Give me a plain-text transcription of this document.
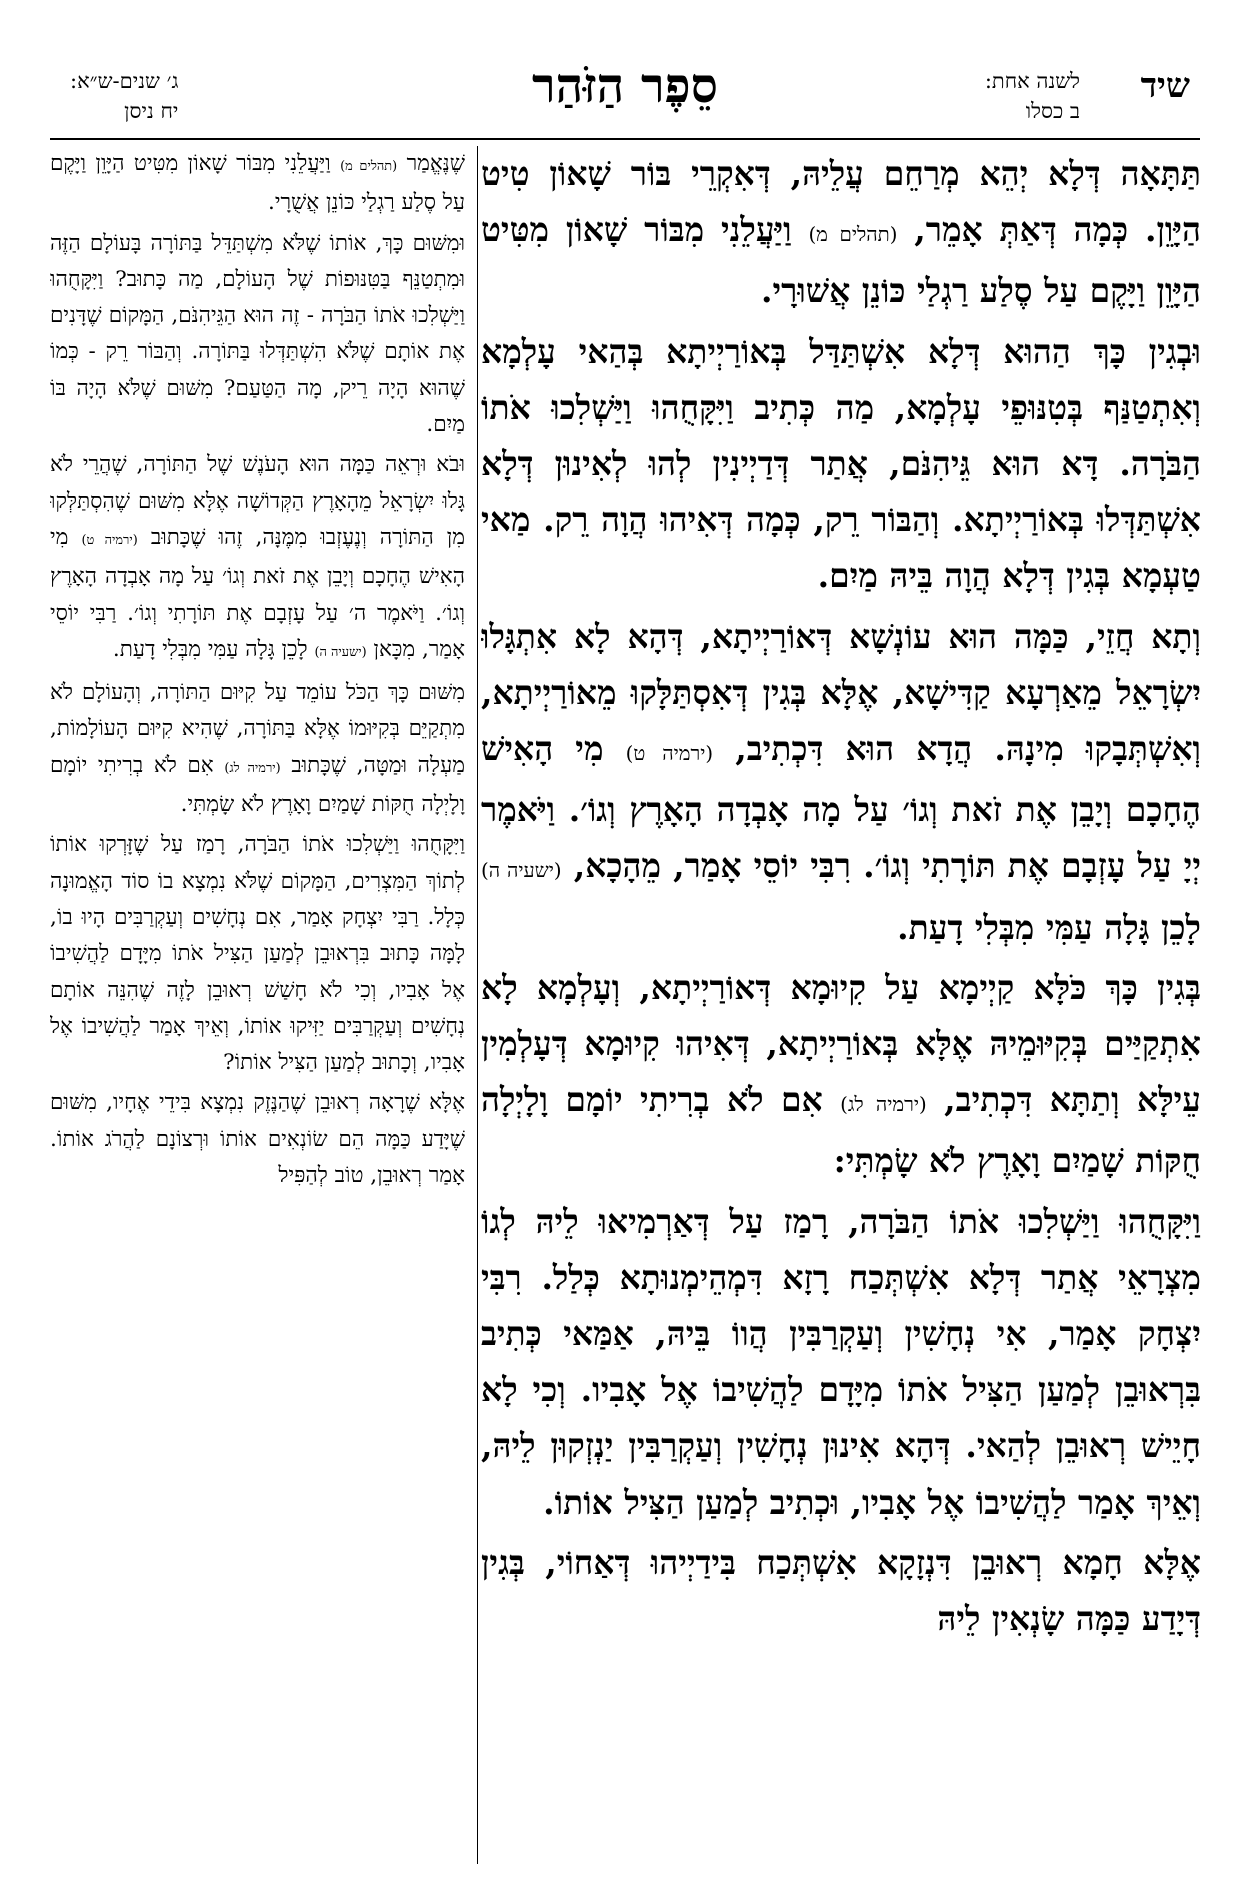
שיד
לשנה אחת:
ב כסלו
סֵפֶר הַזֹּהַר
ג׳ שנים-ש״א:
יח ניסן

תַּתָּאָה דְּלָא יְהֵא מְרַחֵם עֲלֵיהּ, דְּאִקְרֵי בּוֹר שָׁאוֹן טִיט הַיָּוֵן. כְּמָה דְּאַתְּ אָמֵר, (תהלים מ) וַיַּעֲלֵנִי מִבּוֹר שָׁאוֹן מִטִּיט הַיָּוֵן וַיָּקֶם עַל סֶלַע רַגְלַי כּוֹנֵן אֲשׁוּרָי.

וּבְגִין כָּךְ הַהוּא דְּלָא אִשְׁתַּדַּל בְּאוֹרַיְיתָא בְּהַאי עָלְמָא וְאִתְטַנַּף בְּטִנּוּפֵי עָלְמָא, מַה כְּתִיב וַיִּקָּחֻהוּ וַיַּשְׁלִכוּ אֹתוֹ הַבֹּרָה. דָּא הוּא גֵּיהִנֹּם, אֲתַר דְּדַיְינִין לְהוּ לְאִינוּן דְּלָא אִשְׁתַּדְּלוּ בְּאוֹרַיְיתָא. וְהַבּוֹר רֵק, כְּמָה דְּאִיהוּ הֲוָה רֵק. מַאי טַעְמָא בְּגִין דְּלָא הֲוָה בֵּיהּ מַיִם.

וְתָא חֲזֵי, כַּמָּה הוּא עוֹנְשָׁא דְּאוֹרַיְיתָא, דְּהָא לָא אִתְגָּלוּ יִשְׂרָאֵל מֵאַרְעָא קַדִּישָׁא, אֶלָּא בְּגִין דְּאִסְתַּלָּקוּ מֵאוֹרַיְיתָא, וְאִשְׁתְּבָקוּ מִינָהּ. הֲדָא הוּא דִּכְתִיב, (ירמיה ט) מִי הָאִישׁ הֶחָכָם וְיָבֵן אֶת זֹאת וְגוֹ׳ עַל מָה אָבְדָה הָאָרֶץ וְגוֹ׳. וַיֹּאמֶר יְיָ עַל עָזְבָם אֶת תּוֹרָתִי וְגוֹ׳. רִבִּי יוֹסֵי אָמַר, מֵהָכָא, (ישעיה ה) לָכֵן גָּלָה עַמִּי מִבְּלִי דָעַת.

בְּגִין כָּךְ כֹּלָּא קַיְימָא עַל קִיוּמָא דְּאוֹרַיְיתָא, וְעָלְמָא לָא אִתְקַיַּים בְּקִיּוּמֵיהּ אֶלָּא בְּאוֹרַיְיתָא, דְּאִיהוּ קִיוּמָא דְּעָלְמִין עֵילָּא וְתַתָּא דִּכְתִיב, (ירמיה לג) אִם לֹא בְרִיתִי יוֹמָם וָלָיְלָה חֻקּוֹת שָׁמַיִם וָאָרֶץ לֹא שָׂמְתִּי:

וַיִּקָּחֻהוּ וַיַּשְׁלִכוּ אֹתוֹ הַבֹּרָה, רָמַז עַל דְּאַרְמִיאוּ לֵיהּ לְגוֹ מִצְרָאֵי אֲתַר דְּלָא אִשְׁתְּכַח רָזָא דִּמְהֵימְנוּתָא כְּלַל. רִבִּי יִצְחָק אָמַר, אִי נְחָשִׁין וְעַקְרַבִּין הֲווֹ בֵּיהּ, אַמַּאי כְּתִיב בִּרְאוּבֵן לְמַעַן הַצִּיל אֹתוֹ מִיָּדָם לַהֲשִׁיבוֹ אֶל אָבִיו. וְכִי לָא חָיֵישׁ רְאוּבֵן לְהַאי. דְּהָא אִינוּן נְחָשִׁין וְעַקְרַבִּין יַנְזְקוּן לֵיהּ, וְאֵיךְ אָמַר לַהֲשִׁיבוֹ אֶל אָבִיו, וּכְתִיב לְמַעַן הַצִּיל אוֹתוֹ.

אֶלָּא חָמָא רְאוּבֵן דִּנְזָקָא אִשְׁתְּכַח בִּידַיְיהוּ דְּאַחוֹי, בְּגִין דְּיָדַע כַּמָּה שָׂנְאִין לֵיהּ

שֶׁנֶּאֱמַר (תהלים מ) וַיַּעֲלֵנִי מִבּוֹר שָׁאוֹן מִטִּיט הַיָּוֵן וַיָּקֶם עַל סֶלַע רַגְלַי כּוֹנֵן אֲשֻׁרָי.

וּמִשּׁוּם כָּךְ, אוֹתוֹ שֶׁלֹּא מִשְׁתַּדֵּל בַּתּוֹרָה בָּעוֹלָם הַזֶּה וּמִתְטַנֵּף בַּטִּנּוּפוֹת שֶׁל הָעוֹלָם, מַה כָּתוּב? וַיִּקָּחֻהוּ וַיַּשְׁלִכוּ אֹתוֹ הַבֹּרָה - זֶה הוּא הַגֵּיהִנֹּם, הַמָּקוֹם שֶׁדָּנִים אֶת אוֹתָם שֶׁלֹּא הִשְׁתַּדְּלוּ בַּתּוֹרָה. וְהַבּוֹר רֵק - כְּמוֹ שֶׁהוּא הָיָה רֵיק, מָה הַטַּעַם? מִשּׁוּם שֶׁלֹּא הָיָה בּוֹ מַיִם.

וּבֹא וּרְאֵה כַּמָּה הוּא הָעֹנֶשׁ שֶׁל הַתּוֹרָה, שֶׁהֲרֵי לֹא גָּלוּ יִשְׂרָאֵל מֵהָאָרֶץ הַקְּדוֹשָׁה אֶלָּא מִשּׁוּם שֶׁהִסְתַּלְּקוּ מִן הַתּוֹרָה וְנֶעֶזְבוּ מִמֶּנָּה, זֶהוּ שֶׁכָּתוּב (ירמיה ט) מִי הָאִישׁ הֶחָכָם וְיָבֵן אֶת זֹאת וְגוֹ׳ עַל מָה אָבְדָה הָאָרֶץ וְגוֹ׳. וַיֹּאמֶר ה׳ עַל עָזְבָם אֶת תּוֹרָתִי וְגוֹ׳. רַבִּי יוֹסֵי אָמַר, מִכָּאן (ישעיה ה) לָכֵן גָּלָה עַמִּי מִבְּלִי דָעַת.

מִשּׁוּם כָּךְ הַכֹּל עוֹמֵד עַל קִיּוּם הַתּוֹרָה, וְהָעוֹלָם לֹא מִתְקַיֵּם בְּקִיּוּמוֹ אֶלָּא בַּתּוֹרָה, שֶׁהִיא קִיּוּם הָעוֹלָמוֹת, מַעְלָה וּמַטָּה, שֶׁכָּתוּב (ירמיה לג) אִם לֹא בְרִיתִי יוֹמָם וָלָיְלָה חֻקּוֹת שָׁמַיִם וָאָרֶץ לֹא שָׂמְתִּי.

וַיִּקָּחֻהוּ וַיַּשְׁלִכוּ אֹתוֹ הַבֹּרָה, רָמַז עַל שֶׁזָּרְקוּ אוֹתוֹ לְתוֹךְ הַמִּצְרִים, הַמָּקוֹם שֶׁלֹּא נִמְצָא בוֹ סוֹד הָאֱמוּנָה כְּלָל. רַבִּי יִצְחָק אָמַר, אִם נְחָשִׁים וְעַקְרַבִּים הָיוּ בוֹ, לָמָּה כָּתוּב בִּרְאוּבֵן לְמַעַן הַצִּיל אֹתוֹ מִיָּדָם לַהֲשִׁיבוֹ אֶל אָבִיו, וְכִי לֹא חָשַׁשׁ רְאוּבֵן לָזֶה שֶׁהִנֵּה אוֹתָם נְחָשִׁים וְעַקְרַבִּים יַזִּיקוּ אוֹתוֹ, וְאֵיךְ אָמַר לַהֲשִׁיבוֹ אֶל אָבִיו, וְכָתוּב לְמַעַן הַצִּיל אוֹתוֹ?

אֶלָּא שֶׁרָאָה רְאוּבֵן שֶׁהַנֶּזֶק נִמְצָא בִּידֵי אֶחָיו, מִשּׁוּם שֶׁיָּדַע כַּמָּה הֵם שׂוֹנְאִים אוֹתוֹ וּרְצוֹנָם לַהֲרֹג אוֹתוֹ. אָמַר רְאוּבֵן, טוֹב לְהַפִּיל
